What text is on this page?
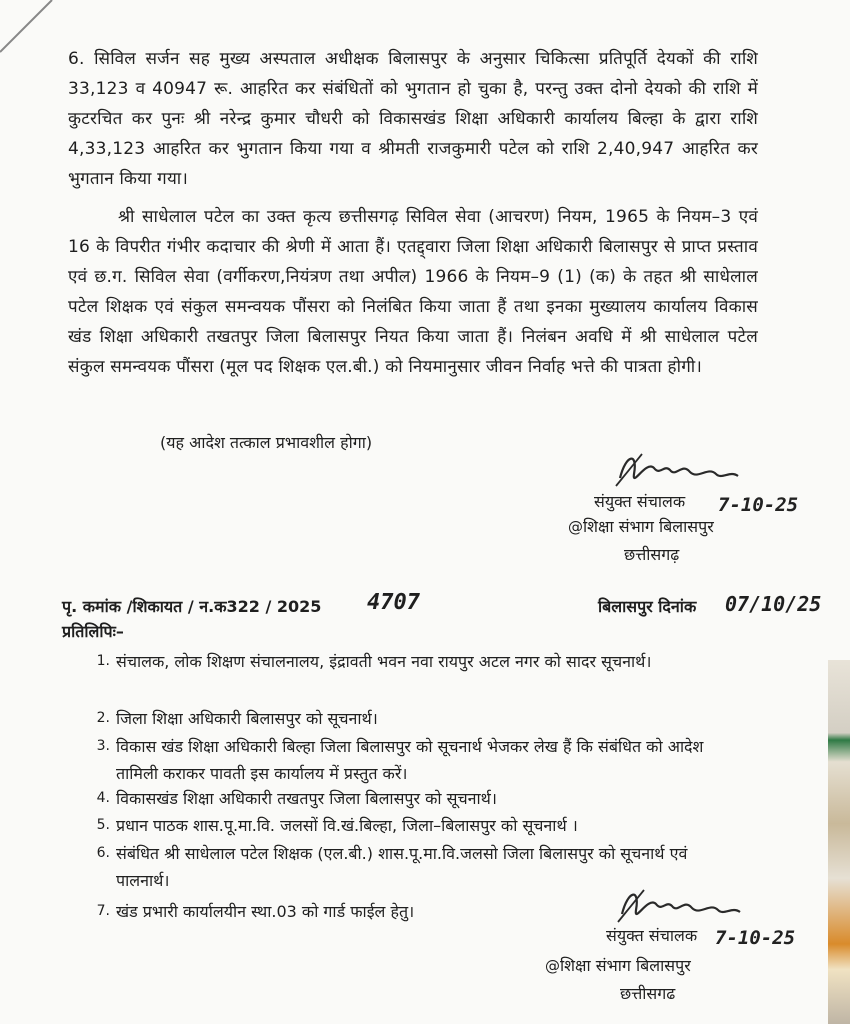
6. सिविल सर्जन सह मुख्य अस्पताल अधीक्षक बिलासपुर के अनुसार चिकित्सा प्रतिपूर्ति देयकों की राशि 33,123 व 40947 रू. आहरित कर संबंधितों को भुगतान हो चुका है, परन्तु उक्त दोनो देयको की राशि में कुटरचित कर पुनः श्री नरेन्द्र कुमार चौधरी को विकासखंड शिक्षा अधिकारी कार्यालय बिल्हा के द्वारा राशि 4,33,123 आहरित कर भुगतान किया गया व श्रीमती राजकुमारी पटेल को राशि 2,40,947 आहरित कर भुगतान किया गया।
श्री साधेलाल पटेल का उक्त कृत्य छत्तीसगढ़ सिविल सेवा (आचरण) नियम, 1965 के नियम–3 एवं 16 के विपरीत गंभीर कदाचार की श्रेणी में आता हैं। एतद्द्वारा जिला शिक्षा अधिकारी बिलासपुर से प्राप्त प्रस्ताव एवं छ.ग. सिविल सेवा (वर्गीकरण,नियंत्रण तथा अपील) 1966 के नियम–9 (1) (क) के तहत श्री साधेलाल पटेल शिक्षक एवं संकुल समन्वयक पौंसरा को निलंबित किया जाता हैं तथा इनका मुख्यालय कार्यालय विकास खंड शिक्षा अधिकारी तखतपुर जिला बिलासपुर नियत किया जाता हैं। निलंबन अवधि में श्री साधेलाल पटेल संकुल समन्वयक पौंसरा (मूल पद शिक्षक एल.बी.) को नियमानुसार जीवन निर्वाह भत्ते की पात्रता होगी।
(यह आदेश तत्काल प्रभावशील होगा)
संयुक्त संचालक 7-10-25
@शिक्षा संभाग बिलासपुर
छत्तीसगढ़
पृ. कमांक /शिकायत / न.क322 / 2025 4707	बिलासपुर दिनांक 07/10/25
प्रतिलिपिः–
1. संचालक, लोक शिक्षण संचालनालय, इंद्रावती भवन नवा रायपुर अटल नगर को सादर सूचनार्थ।
2. जिला शिक्षा अधिकारी बिलासपुर को सूचनार्थ।
3. विकास खंड शिक्षा अधिकारी बिल्हा जिला बिलासपुर को सूचनार्थ भेजकर लेख हैं कि संबंधित को आदेश तामिली कराकर पावती इस कार्यालय में प्रस्तुत करें।
4. विकासखंड शिक्षा अधिकारी तखतपुर जिला बिलासपुर को सूचनार्थ।
5. प्रधान पाठक शास.पू.मा.वि. जलसों वि.खं.बिल्हा, जिला–बिलासपुर को सूचनार्थ ।
6. संबंधित श्री साधेलाल पटेल शिक्षक (एल.बी.) शास.पू.मा.वि.जलसो जिला बिलासपुर को सूचनार्थ एवं पालनार्थ।
7. खंड प्रभारी कार्यालयीन स्था.03 को गार्ड फाईल हेतु।
संयुक्त संचालक 7-10-25
@शिक्षा संभाग बिलासपुर
छत्तीसगढ
